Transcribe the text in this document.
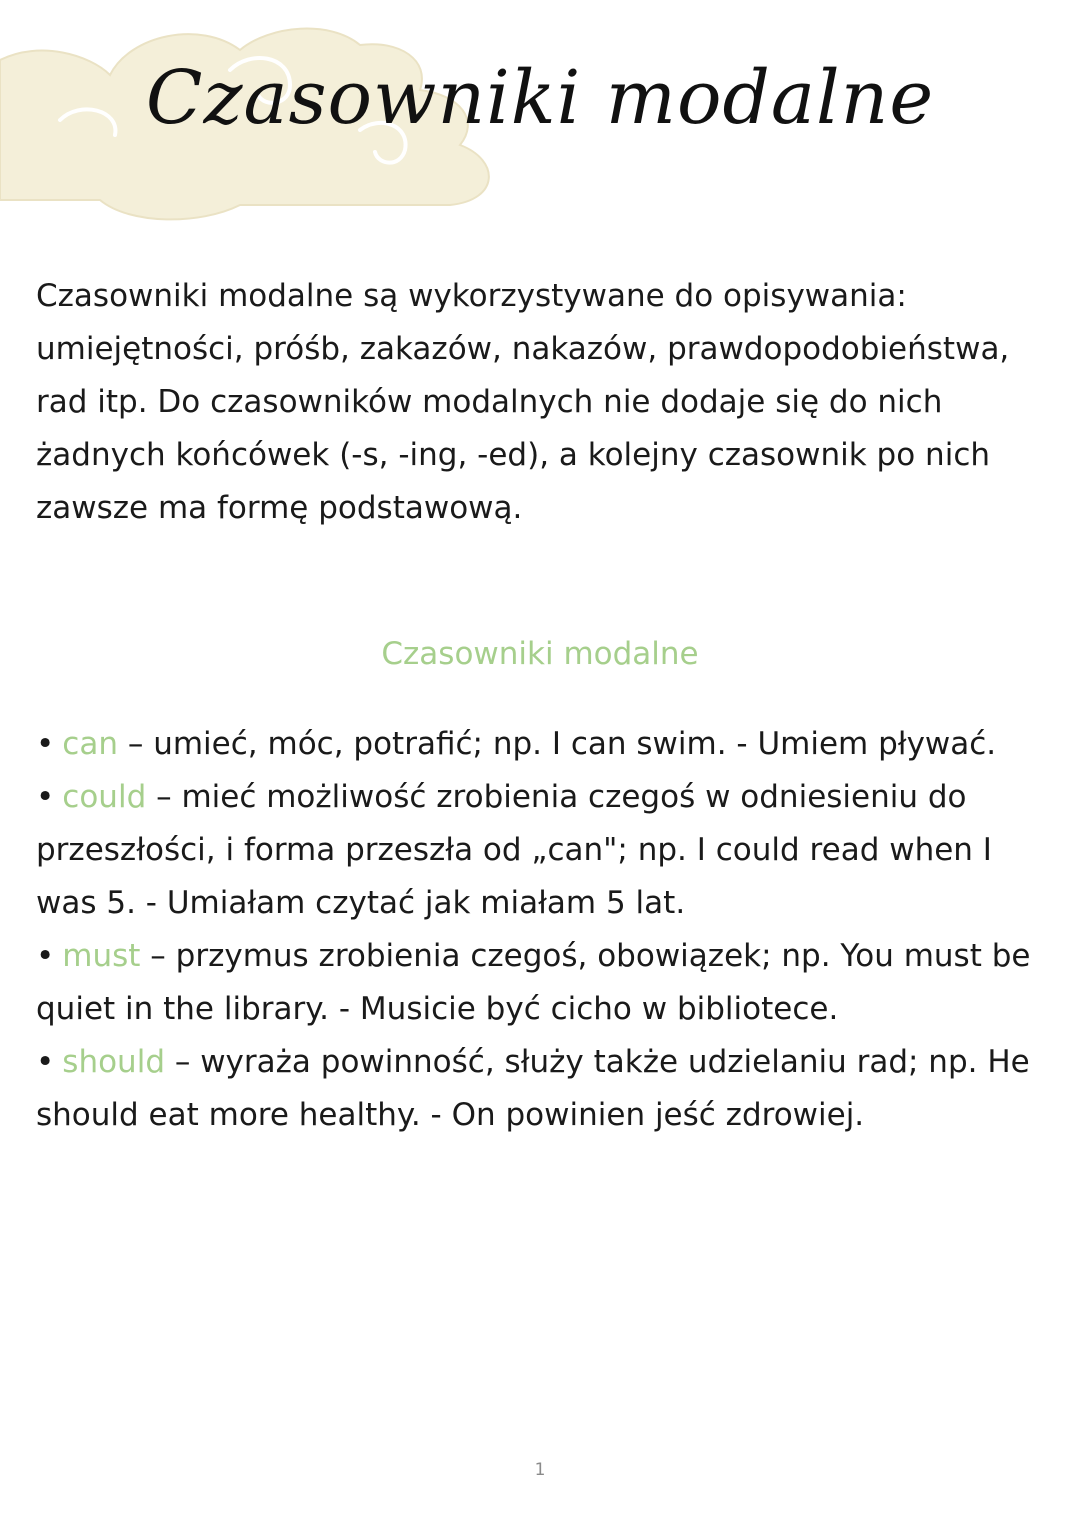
Czasowniki modalne

Czasowniki modalne są wykorzystywane do opisywania: umiejętności, próśb, zakazów, nakazów, prawdopodobieństwa, rad itp. Do czasowników modalnych nie dodaje się do nich żadnych końcówek (-s, -ing, -ed), a kolejny czasownik po nich zawsze ma formę podstawową.

Czasowniki modalne
• can – umieć, móc, potrafić; np. I can swim. - Umiem pływać.
• could – mieć możliwość zrobienia czegoś w odniesieniu do przeszłości, i forma przeszła od „can"; np. I could read when I was 5. - Umiałam czytać jak miałam 5 lat.
• must – przymus zrobienia czegoś, obowiązek; np. You must be quiet in the library. - Musicie być cicho w bibliotece.
• should – wyraża powinność, służy także udzielaniu rad; np. He should eat more healthy. - On powinien jeść zdrowiej.
1
